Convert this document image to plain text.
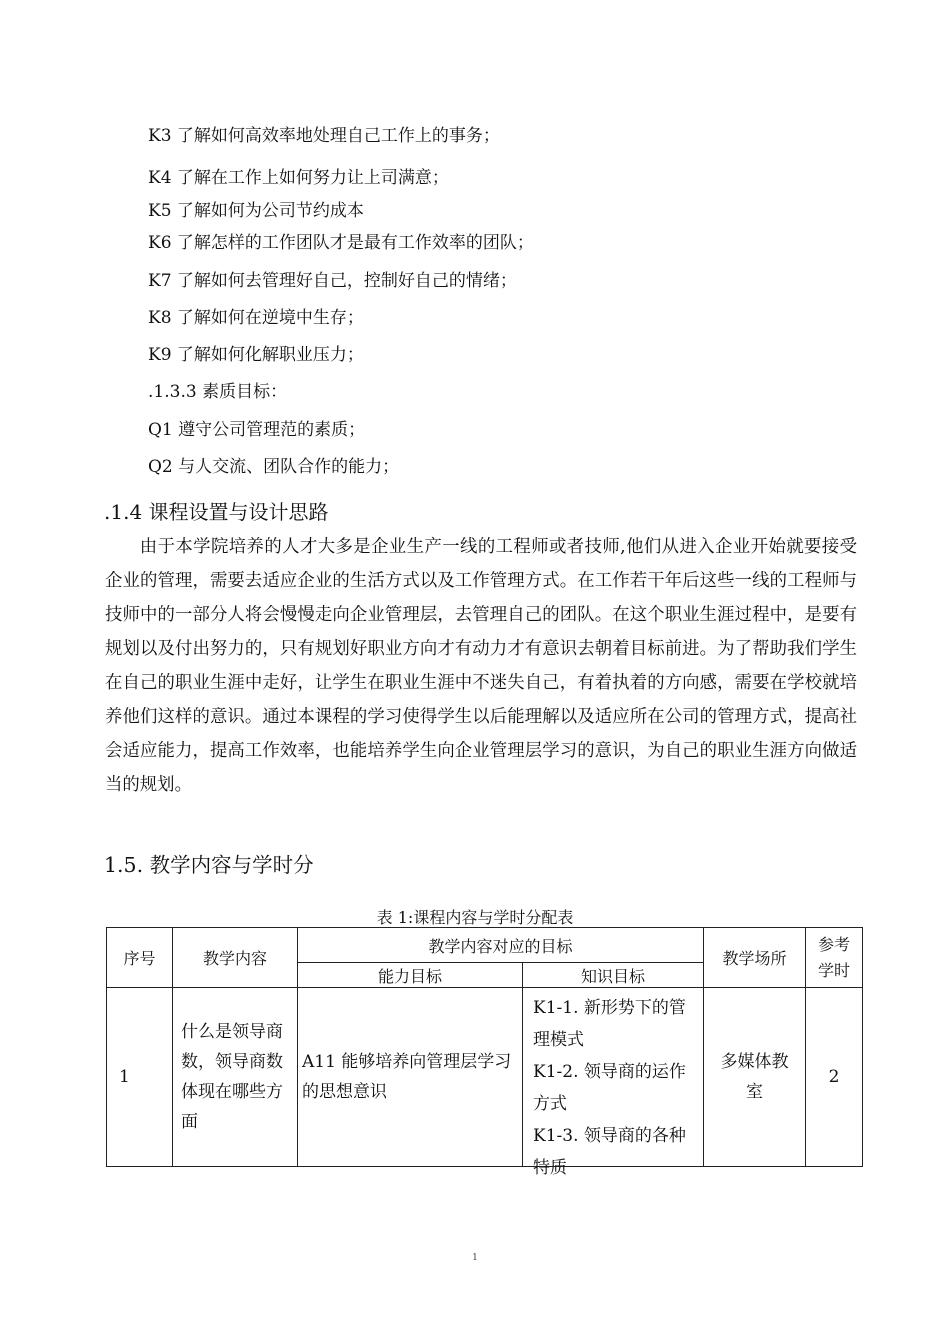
K3 了解如何高效率地处理自己工作上的事务；
K4 了解在工作上如何努力让上司满意；
K5 了解如何为公司节约成本
K6 了解怎样的工作团队才是最有工作效率的团队；
K7 了解如何去管理好自己，控制好自己的情绪；
K8 了解如何在逆境中生存；
K9 了解如何化解职业压力；
.1.3.3 素质目标：
Q1 遵守公司管理范的素质；
Q2 与人交流、团队合作的能力；
.1.4 课程设置与设计思路

由于本学院培养的人才大多是企业生产一线的工程师或者技师,他们从进入企业开始就要接受企业的管理，需要去适应企业的生活方式以及工作管理方式。在工作若干年后这些一线的工程师与技师中的一部分人将会慢慢走向企业管理层，去管理自己的团队。在这个职业生涯过程中，是要有规划以及付出努力的，只有规划好职业方向才有动力才有意识去朝着目标前进。为了帮助我们学生在自己的职业生涯中走好，让学生在职业生涯中不迷失自己，有着执着的方向感，需要在学校就培养他们这样的意识。通过本课程的学习使得学生以后能理解以及适应所在公司的管理方式，提高社会适应能力，提高工作效率，也能培养学生向企业管理层学习的意识，为自己的职业生涯方向做适当的规划。

1.5. 教学内容与学时分
表 1:课程内容与学时分配表
序号	教学内容	教学内容对应的目标		教学场所	参考学时
		能力目标	知识目标		
1	什么是领导商数，领导商数体现在哪些方面	A11 能够培养向管理层学习的思想意识	K1-1. 新形势下的管理模式
K1-2. 领导商的运作方式
K1-3. 领导商的各种特质	多媒体教室	2
1
